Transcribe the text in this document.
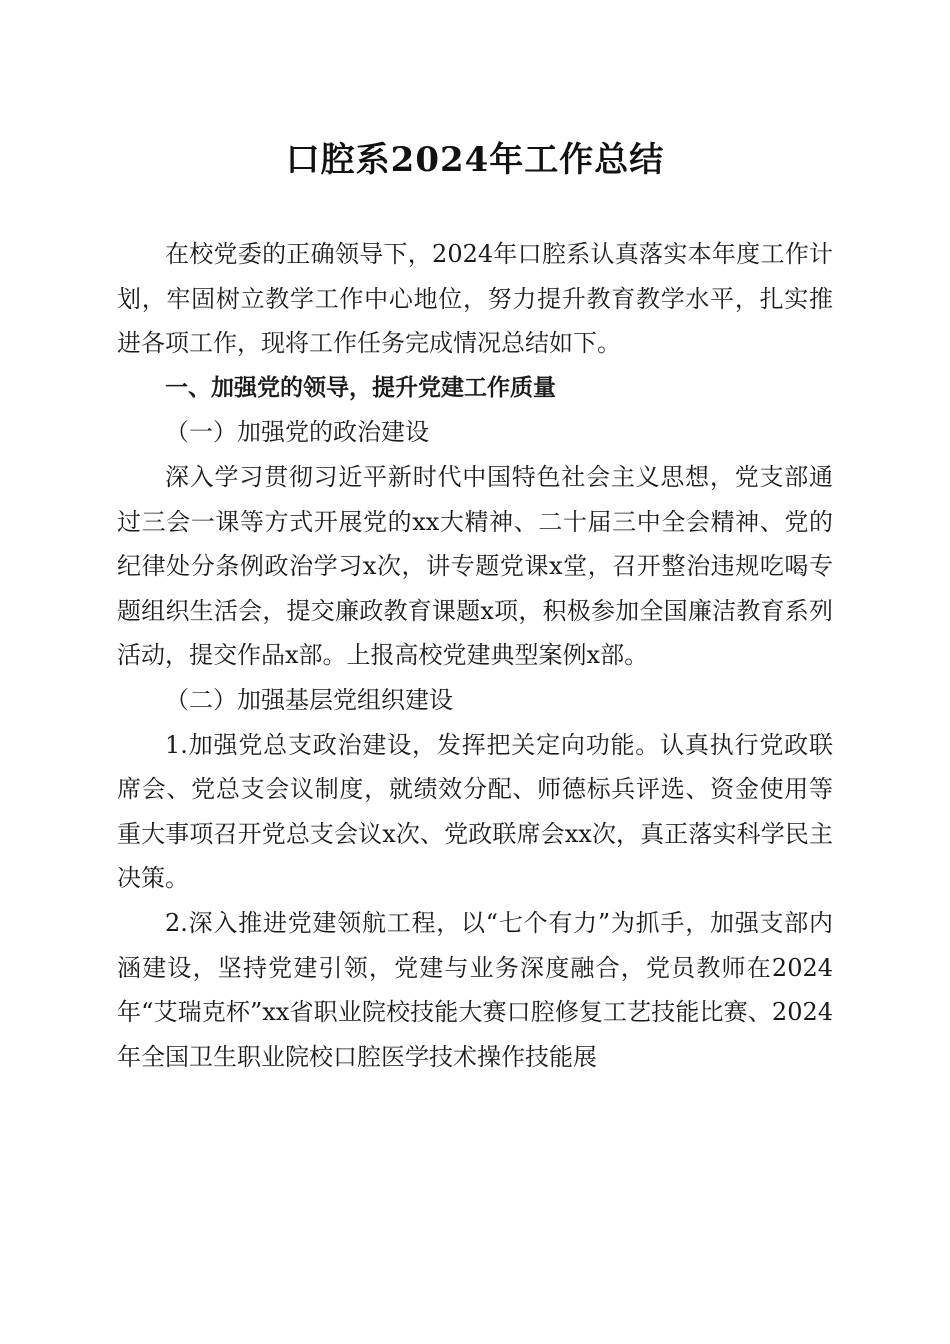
口腔系2024年工作总结

在校党委的正确领导下，2024年口腔系认真落实本年度工作计划，牢固树立教学工作中心地位，努力提升教育教学水平，扎实推进各项工作，现将工作任务完成情况总结如下。

一、加强党的领导，提升党建工作质量

（一）加强党的政治建设

深入学习贯彻习近平新时代中国特色社会主义思想，党支部通过三会一课等方式开展党的xx大精神、二十届三中全会精神、党的纪律处分条例政治学习x次，讲专题党课x堂，召开整治违规吃喝专题组织生活会，提交廉政教育课题x项，积极参加全国廉洁教育系列活动，提交作品x部。上报高校党建典型案例x部。

（二）加强基层党组织建设

1.加强党总支政治建设，发挥把关定向功能。认真执行党政联席会、党总支会议制度，就绩效分配、师德标兵评选、资金使用等重大事项召开党总支会议x次、党政联席会xx次，真正落实科学民主决策。

2.深入推进党建领航工程，以“七个有力”为抓手，加强支部内涵建设，坚持党建引领，党建与业务深度融合，党员教师在2024年“艾瑞克杯”xx省职业院校技能大赛口腔修复工艺技能比赛、2024年全国卫生职业院校口腔医学技术操作技能展
